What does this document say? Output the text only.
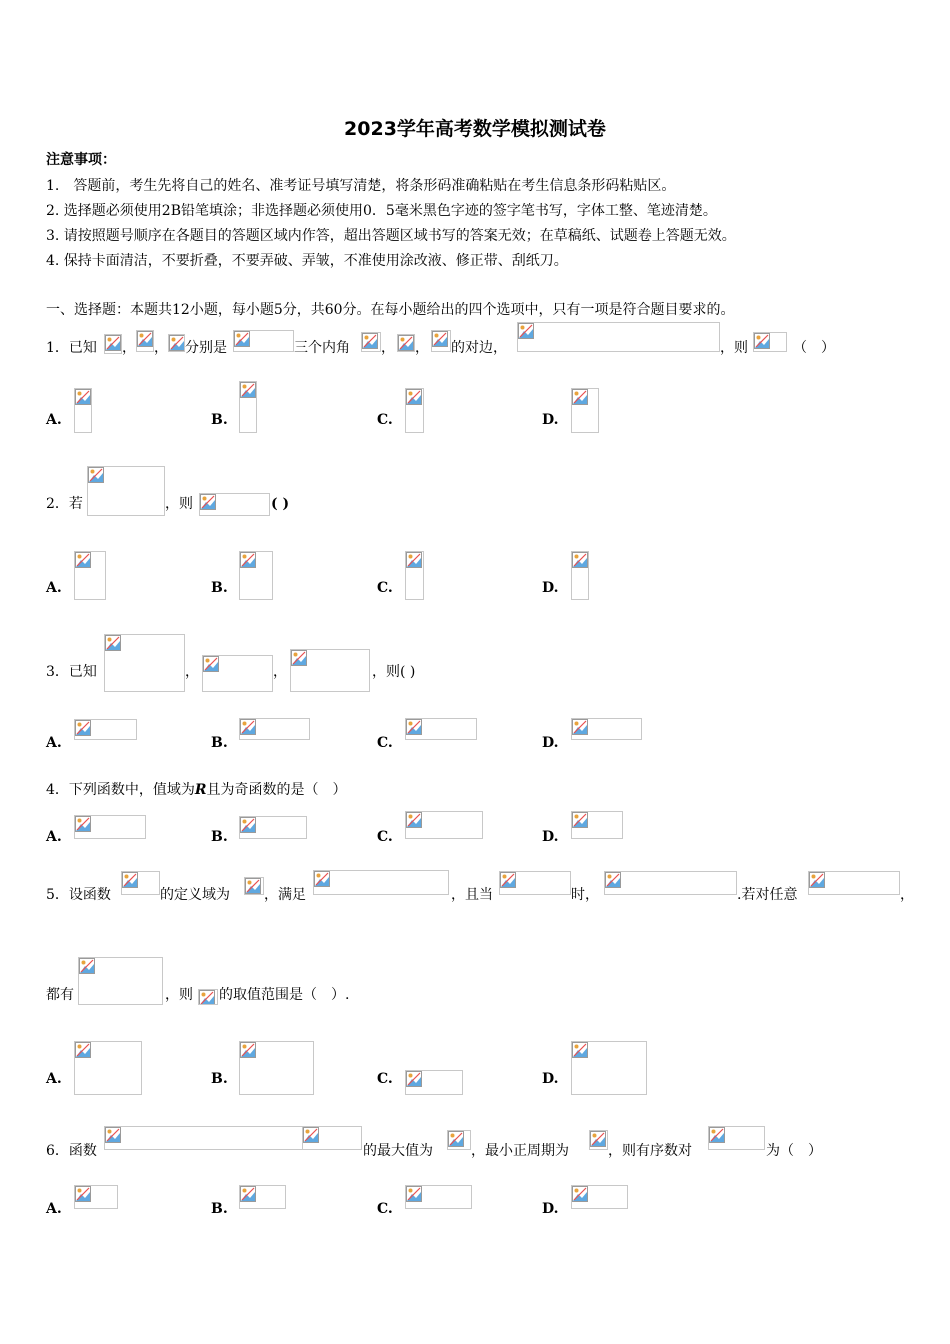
2023学年高考数学模拟测试卷
注意事项：
1.　答题前，考生先将自己的姓名、准考证号填写清楚，将条形码准确粘贴在考生信息条形码粘贴区。
2. 选择题必须使用2B铅笔填涂；非选择题必须使用0．5毫米黑色字迹的签字笔书写，字体工整、笔迹清楚。
3. 请按照题号顺序在各题目的答题区域内作答，超出答题区域书写的答案无效；在草稿纸、试题卷上答题无效。
4. 保持卡面清洁，不要折叠，不要弄破、弄皱，不准使用涂改液、修正带、刮纸刀。
一、选择题：本题共12小题，每小题5分，共60分。在每小题给出的四个选项中，只有一项是符合题目要求的。
1．已知 ， ， 分别是	三个内角 ， ， 的对边，	，则	（　）
A.	B.	C.	D.
2．若	，则	( )
A.	B.	C.	D.
3．已知	，	，	，则( )
A.	B.	C.	D.
4．下列函数中，值域为R且为奇函数的是（　）
A.	B.	C.	D.
5．设函数	的定义域为 ，满足	，且当	时，	.若对任意	，
都有	，则 的取值范围是（　）.
A.	B.	C.	D.
6．函数	的最大值为	，最小正周期为	，则有序数对	为（　）
A.	B.	C.	D.
